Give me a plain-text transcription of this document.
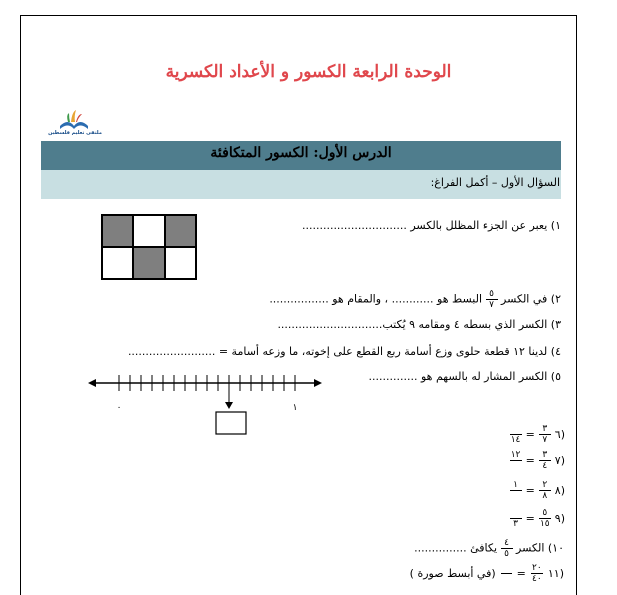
الوحدة الرابعة الكسور و الأعداد الكسرية
ملتقى تعليم فلسطين
الدرس الأول: الكسور المتكافئة
السؤال الأول – أكمل الفراغ:
١) يعبر عن الجزء المظلل بالكسر ..............................
٢) في الكسر
$\frac{٥}{٧}$
البسط هو ............ ، والمقام هو .................
٣) الكسر الذي بسطه ٤ ومقامه ٩ يُكتب..............................
٤) لدينا ١٢ قطعة حلوى وزع أسامة ربع القطع على إخوته، ما وزعه أسامة = .........................
٥) الكسر المشار له بالسهم هو ..............
٠	١
٦)
$\frac{٣}{٧}$
=

١٤
٧)
$\frac{٣}{٤}$
=
١٢

٨)
$\frac{٢}{٨}$
=
١

٩)
$\frac{٥}{١٥}$
=

٣
١٠) الكسر
$\frac{٤}{٥}$
يكافئ ...............
١١)
$\frac{٢٠}{٤٠}$
=
( في أبسط صورة)
